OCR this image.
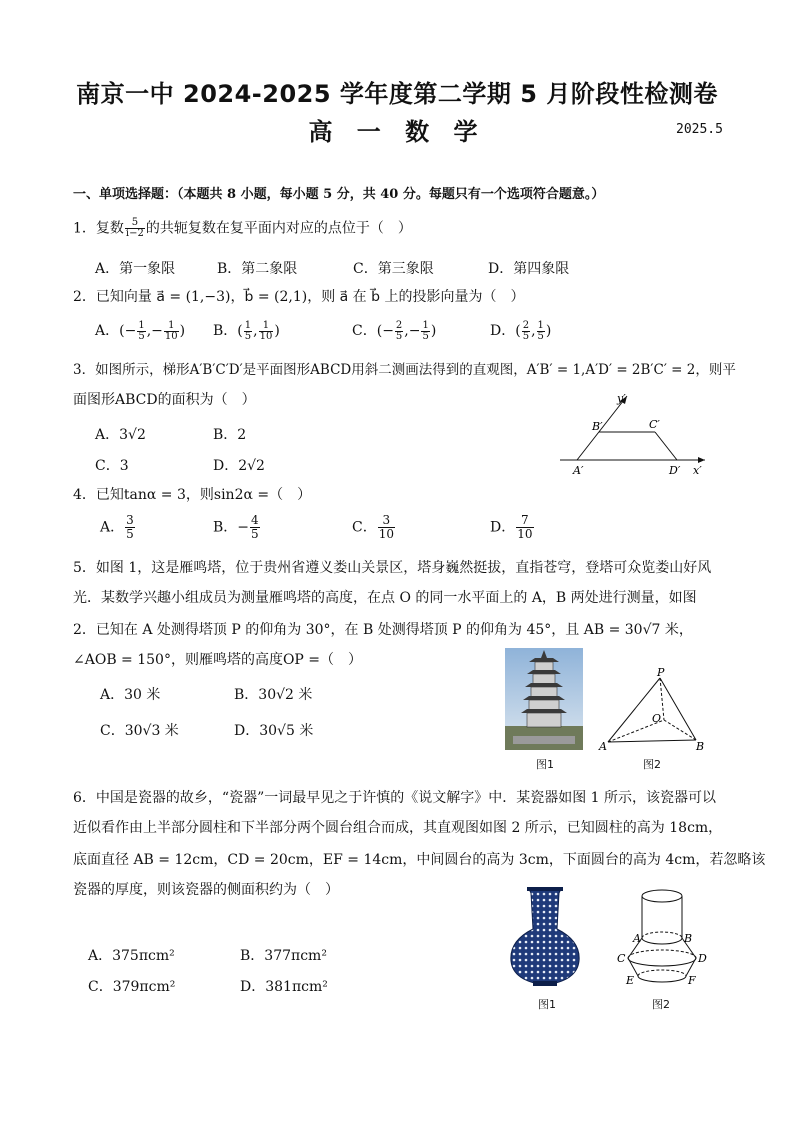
南京一中 2024-2025 学年度第二学期 5 月阶段性检测卷
高 一 数 学	2025.5
一、单项选择题：（本题共 8 小题，每小题 5 分，共 40 分。每题只有一个选项符合题意。）
1．复数 $\frac{5}{i-2}$ 的共轭复数在复平面内对应的点位于（　）
A．第一象限	B．第二象限	C．第三象限	D．第四象限
2．已知向量 a⃗ = (1,−3)，b⃗ = (2,1)，则 a⃗ 在 b⃗ 上的投影向量为（　）
A．(− $\frac{1}{5}$ ,− $\frac{1}{10}$ ) B．( $\frac{1}{5}$ , $\frac{1}{10}$ )	C．(− $\frac{2}{5}$ ,− $\frac{1}{5}$ )	D．( $\frac{2}{5}$ , $\frac{1}{5}$ )
3．如图所示，梯形A′B′C′D′是平面图形ABCD用斜二测画法得到的直观图，A′B′ = 1,A′D′ = 2B′C′ = 2，则平
面图形ABCD的面积为（　）
A．3√2	B．2
C．3	D．2√2
y′
B′	C′
A′	D′ x′
4．已知tanα = 3，则sin2α =（　）
A． $\frac{3}{5}$	B．− $\frac{4}{5}$	C． $\frac{3}{10}$	D． $\frac{7}{10}$
5．如图 1，这是雁鸣塔，位于贵州省遵义娄山关景区，塔身巍然挺拔，直指苍穹，登塔可众览娄山好风
光．某数学兴趣小组成员为测量雁鸣塔的高度，在点 O 的同一水平面上的 A，B 两处进行测量，如图
2．已知在 A 处测得塔顶 P 的仰角为 30°，在 B 处测得塔顶 P 的仰角为 45°，且 AB = 30√7 米，
∠AOB = 150°，则雁鸣塔的高度OP =（　）
A．30 米	B．30√2 米
C．30√3 米	D．30√5 米
图1
P
O
A	B
图2
6．中国是瓷器的故乡，“瓷器”一词最早见之于许慎的《说文解字》中．某瓷器如图 1 所示，该瓷器可以
近似看作由上半部分圆柱和下半部分两个圆台组合而成，其直观图如图 2 所示，已知圆柱的高为 18cm，
底面直径 AB = 12cm，CD = 20cm，EF = 14cm，中间圆台的高为 3cm，下面圆台的高为 4cm，若忽略该
瓷器的厚度，则该瓷器的侧面积约为（　）
A．375πcm²	B．377πcm²
C．379πcm²	D．381πcm²
图1
A	B
C	D
E	F
图2
